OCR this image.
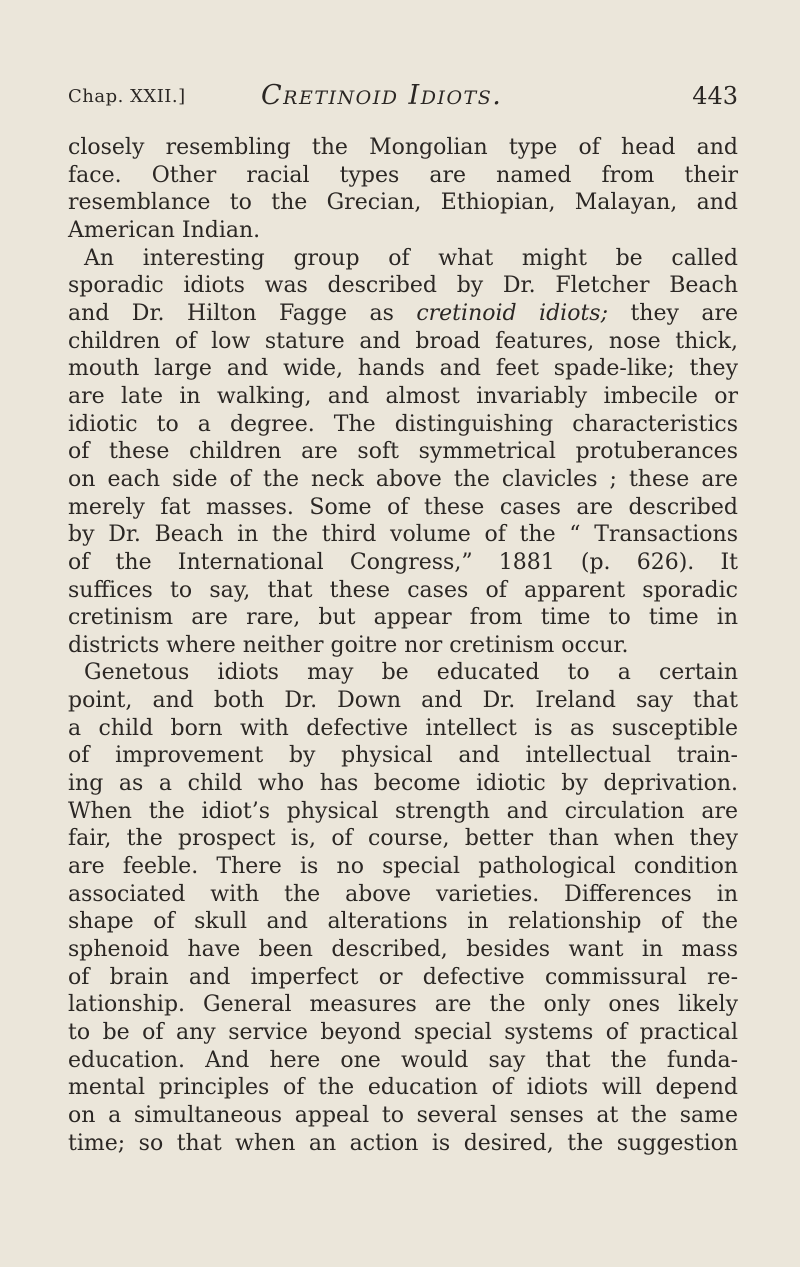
Chap. XXII.]	Cretinoid Idiots.	443
closely resembling the Mongolian type of head and
face. Other racial types are named from their
resemblance to the Grecian, Ethiopian, Malayan, and
American Indian.
An interesting group of what might be called
sporadic idiots was described by Dr. Fletcher Beach
and Dr. Hilton Fagge as cretinoid idiots; they are
children of low stature and broad features, nose thick,
mouth large and wide, hands and feet spade-like; they
are late in walking, and almost invariably imbecile or
idiotic to a degree. The distinguishing characteristics
of these children are soft symmetrical protuberances
on each side of the neck above the clavicles ; these are
merely fat masses. Some of these cases are described
by Dr. Beach in the third volume of the “ Transactions
of the International Congress,” 1881 (p. 626). It
suffices to say, that these cases of apparent sporadic
cretinism are rare, but appear from time to time in
districts where neither goitre nor cretinism occur.
Genetous idiots may be educated to a certain
point, and both Dr. Down and Dr. Ireland say that
a child born with defective intellect is as susceptible
of improvement by physical and intellectual train-
ing as a child who has become idiotic by deprivation.
When the idiot’s physical strength and circulation are
fair, the prospect is, of course, better than when they
are feeble. There is no special pathological condition
associated with the above varieties. Differences in
shape of skull and alterations in relationship of the
sphenoid have been described, besides want in mass
of brain and imperfect or defective commissural re-
lationship. General measures are the only ones likely
to be of any service beyond special systems of practical
education. And here one would say that the funda-
mental principles of the education of idiots will depend
on a simultaneous appeal to several senses at the same
time; so that when an action is desired, the suggestion
